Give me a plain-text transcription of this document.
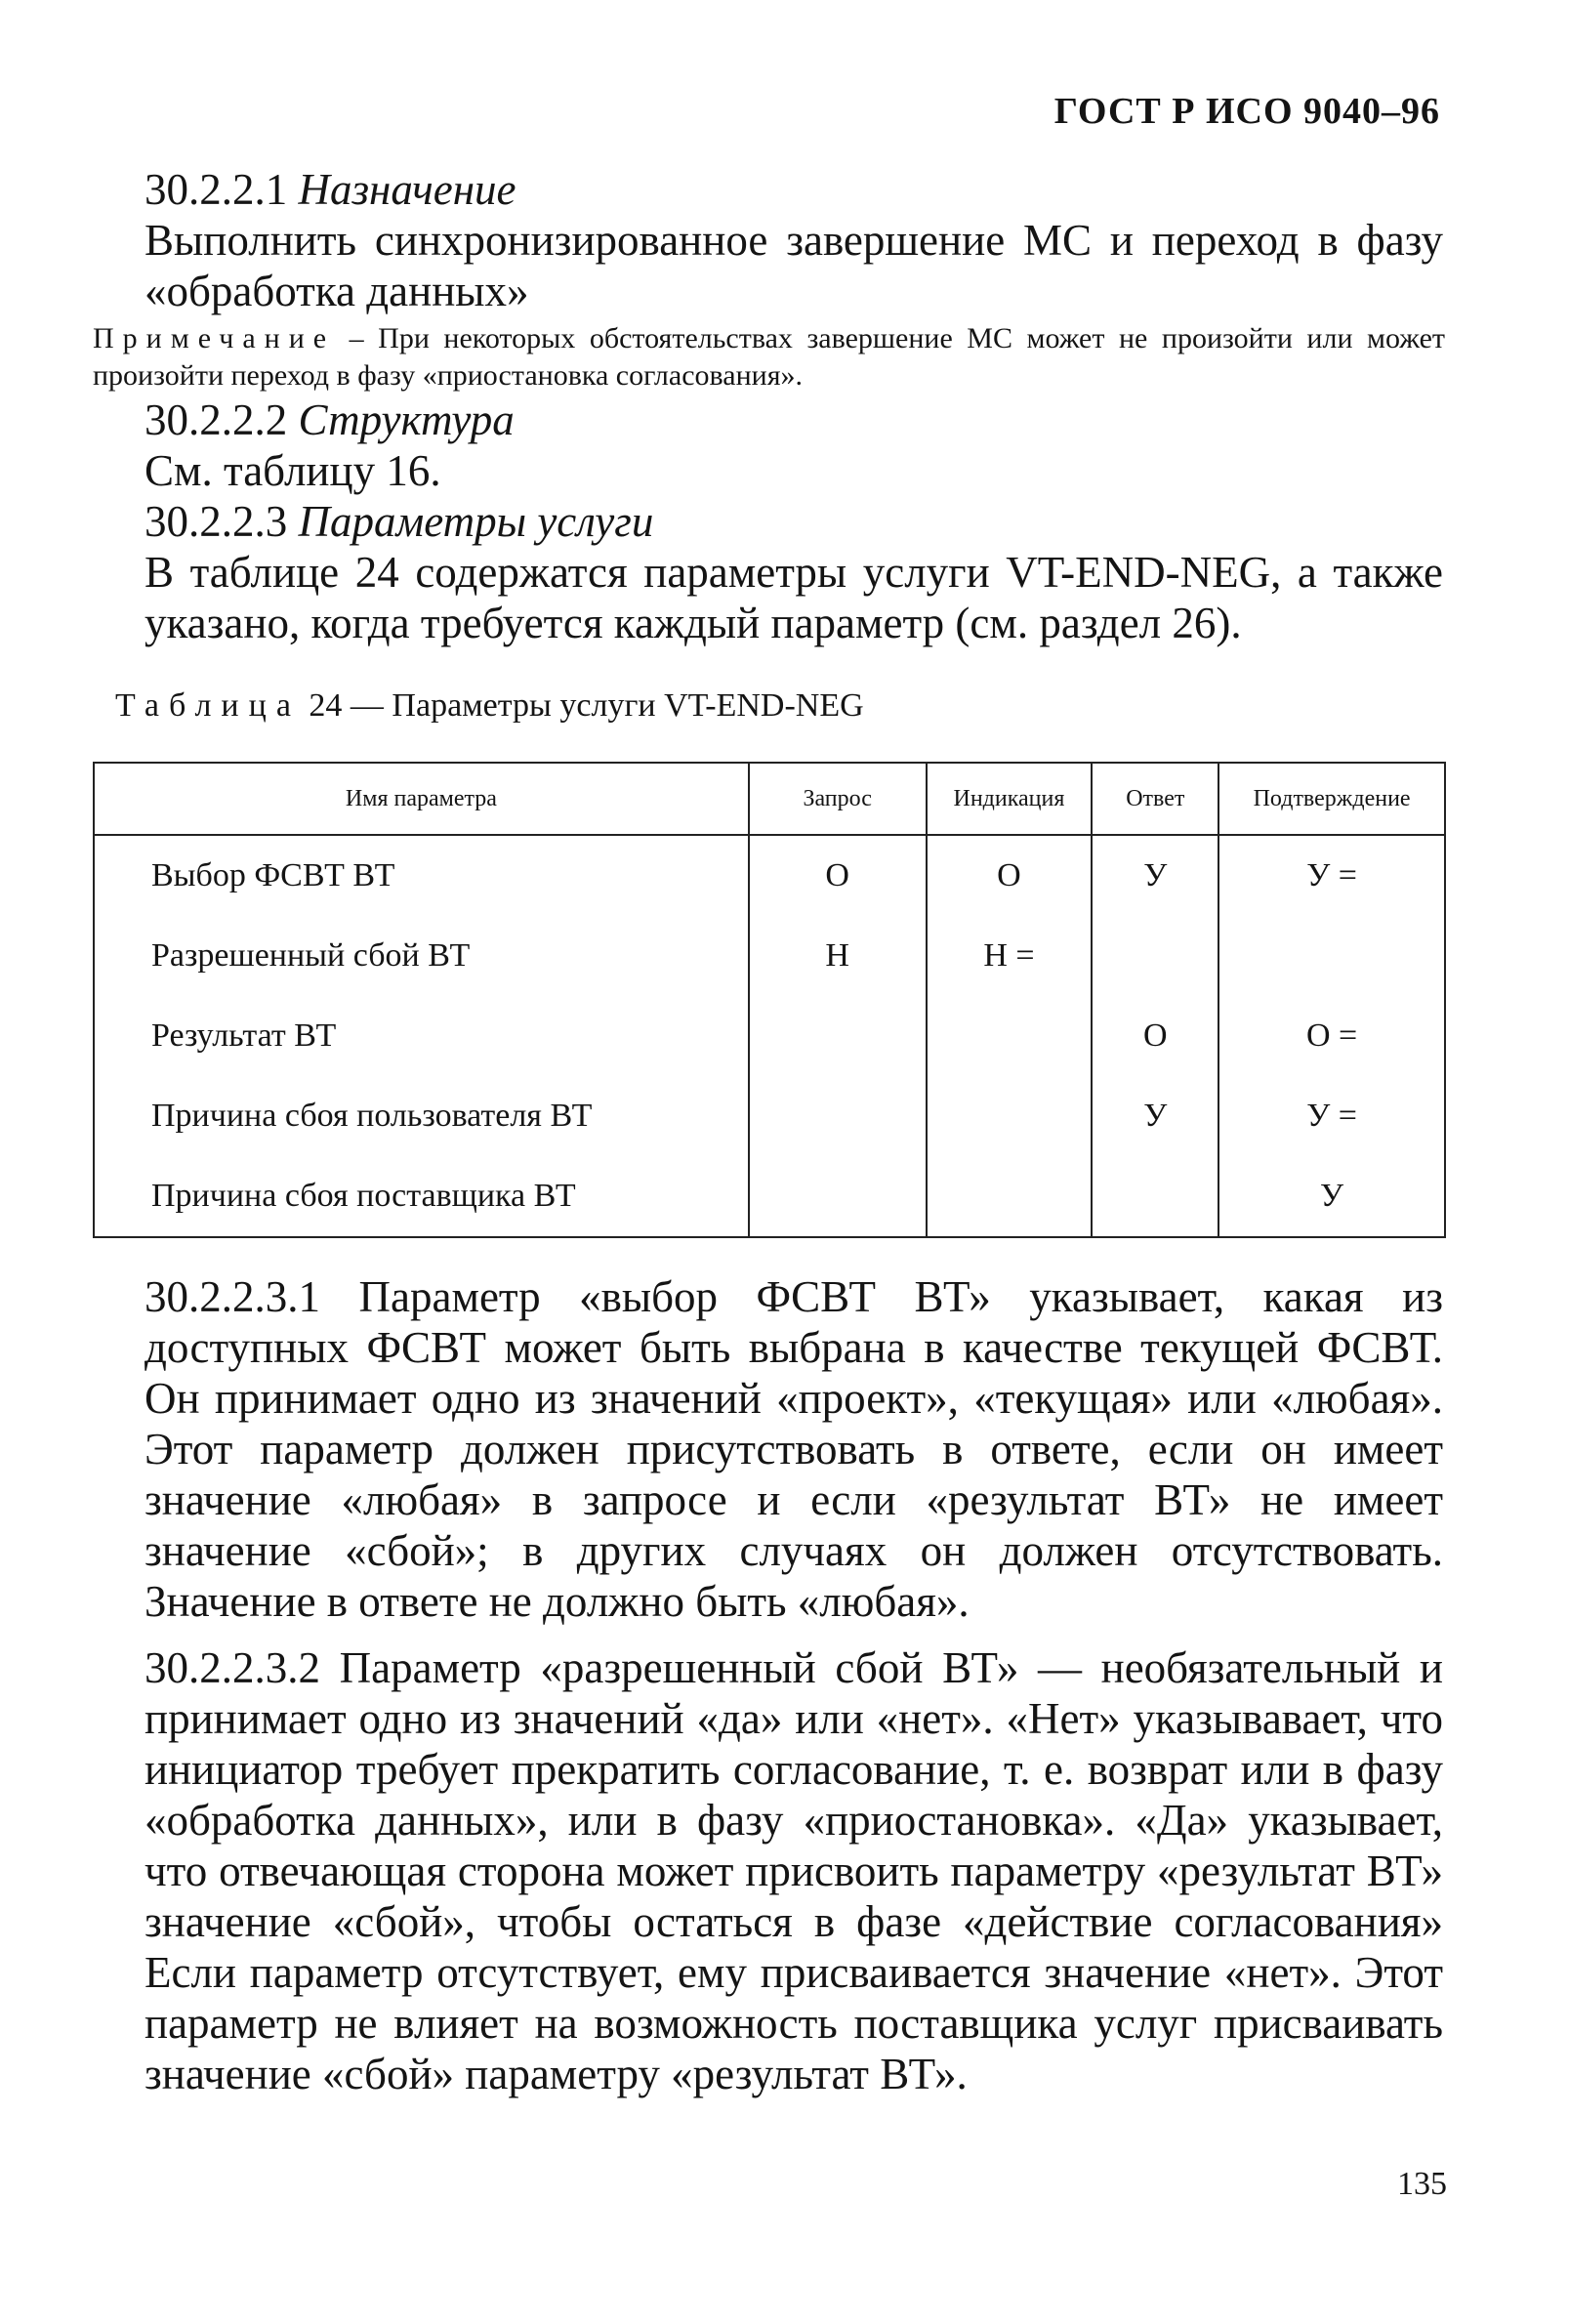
ГОСТ Р ИСО 9040–96
30.2.2.1 Назначение

Выполнить синхронизированное завершение МС и переход в фазу «обработка данных»

Примечание – При некоторых обстоятельствах завершение МС может не произойти или может произойти переход в фазу «приостановка согласования».
30.2.2.2 Структура

См. таблицу 16.

30.2.2.3 Параметры услуги

В таблице 24 содержатся параметры услуги VT-END-NEG, а также указано, когда требуется каждый параметр (см. раздел 26).

Таблица 24 — Параметры услуги VT-END-NEG
Имя параметра	Запрос	Индикация	Ответ	Подтверждение
Выбор ФСВТ ВТ	О	О	У	У =
Разрешенный сбой ВТ	Н	Н =		
Результат ВТ			О	О =
Причина сбоя пользователя ВТ			У	У =
Причина сбоя поставщика ВТ				У

30.2.2.3.1 Параметр «выбор ФСВТ ВТ» указывает, какая из доступных ФСВТ может быть выбрана в качестве текущей ФСВТ. Он принимает одно из значений «проект», «текущая» или «любая». Этот параметр должен присутствовать в ответе, если он имеет значение «любая» в запросе и если «результат ВТ» не имеет значение «сбой»; в других случаях он должен отсутствовать. Значение в ответе не должно быть «любая».

30.2.2.3.2 Параметр «разрешенный сбой ВТ» — необязательный и принимает одно из значений «да» или «нет». «Нет» указывавает, что инициатор требует прекратить согласование, т. е. возврат или в фазу «обработка данных», или в фазу «приостановка». «Да» указывает, что отвечающая сторона может присвоить параметру «результат ВТ» значение «сбой», чтобы остаться в фазе «действие согласования» Если параметр отсутствует, ему присваивается значение «нет». Этот параметр не влияет на возможность поставщика услуг присваивать значение «сбой» параметру «результат ВТ».

135
